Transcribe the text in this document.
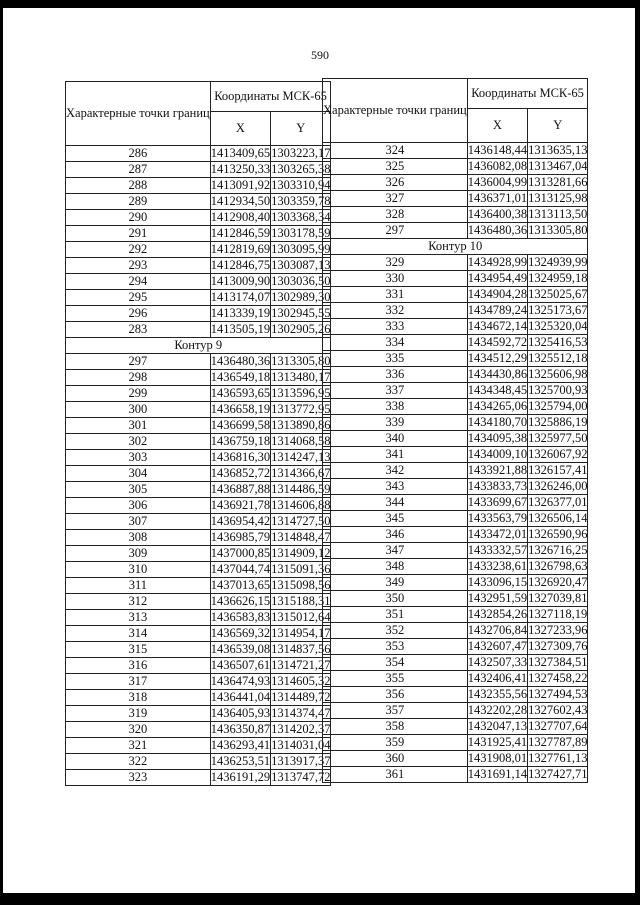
590
Характерные точки границ	Координаты МСК-65	
	X	Y
286	1413409,65	1303223,17
287	1413250,33	1303265,38
288	1413091,92	1303310,94
289	1412934,50	1303359,78
290	1412908,40	1303368,34
291	1412846,59	1303178,59
292	1412819,69	1303095,99
293	1412846,75	1303087,13
294	1413009,90	1303036,50
295	1413174,07	1302989,30
296	1413339,19	1302945,55
283	1413505,19	1302905,26
Контур 9		
297	1436480,36	1313305,80
298	1436549,18	1313480,17
299	1436593,65	1313596,95
300	1436658,19	1313772,95
301	1436699,58	1313890,86
302	1436759,18	1314068,58
303	1436816,30	1314247,13
304	1436852,72	1314366,67
305	1436887,88	1314486,59
306	1436921,78	1314606,88
307	1436954,42	1314727,50
308	1436985,79	1314848,47
309	1437000,85	1314909,12
310	1437044,74	1315091,36
311	1437013,65	1315098,56
312	1436626,15	1315188,31
313	1436583,83	1315012,64
314	1436569,32	1314954,17
315	1436539,08	1314837,56
316	1436507,61	1314721,27
317	1436474,93	1314605,32
318	1436441,04	1314489,72
319	1436405,93	1314374,47
320	1436350,87	1314202,37
321	1436293,41	1314031,04
322	1436253,51	1313917,37
323	1436191,29	1313747,72
Характерные точки границ	Координаты МСК-65	
	X	Y
324	1436148,44	1313635,13
325	1436082,08	1313467,04
326	1436004,99	1313281,66
327	1436371,01	1313125,98
328	1436400,38	1313113,50
297	1436480,36	1313305,80
Контур 10		
329	1434928,99	1324939,99
330	1434954,49	1324959,18
331	1434904,28	1325025,67
332	1434789,24	1325173,67
333	1434672,14	1325320,04
334	1434592,72	1325416,53
335	1434512,29	1325512,18
336	1434430,86	1325606,98
337	1434348,45	1325700,93
338	1434265,06	1325794,00
339	1434180,70	1325886,19
340	1434095,38	1325977,50
341	1434009,10	1326067,92
342	1433921,88	1326157,41
343	1433833,73	1326246,00
344	1433699,67	1326377,01
345	1433563,79	1326506,14
346	1433472,01	1326590,96
347	1433332,57	1326716,25
348	1433238,61	1326798,63
349	1433096,15	1326920,47
350	1432951,59	1327039,81
351	1432854,26	1327118,19
352	1432706,84	1327233,96
353	1432607,47	1327309,76
354	1432507,33	1327384,51
355	1432406,41	1327458,22
356	1432355,56	1327494,53
357	1432202,28	1327602,43
358	1432047,13	1327707,64
359	1431925,41	1327787,89
360	1431908,01	1327761,13
361	1431691,14	1327427,71
